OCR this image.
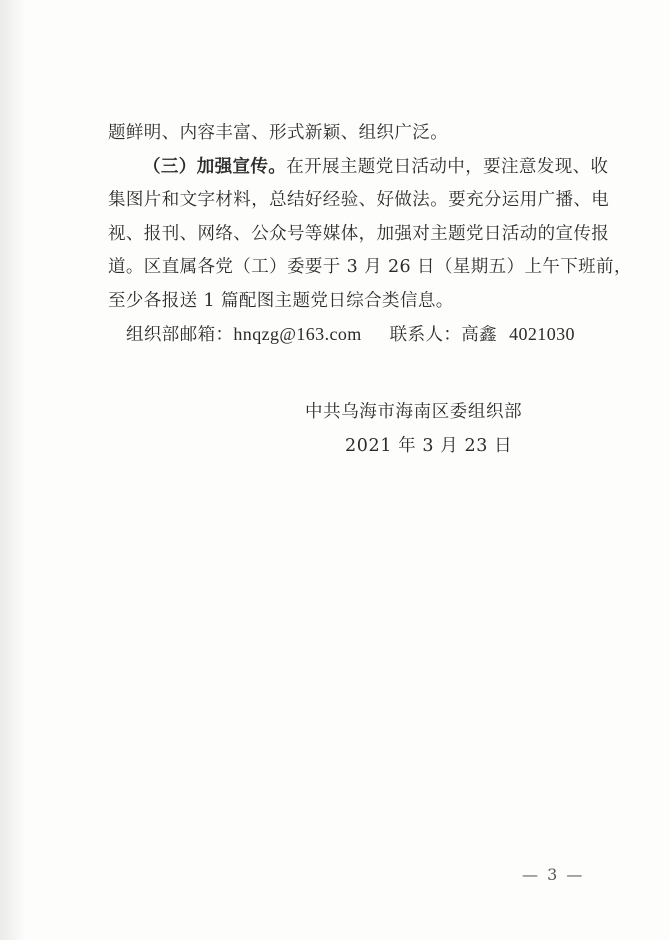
题鲜明、内容丰富、形式新颖、组织广泛。
（三）加强宣传。在开展主题党日活动中，要注意发现、收
集图片和文字材料，总结好经验、好做法。要充分运用广播、电
视、报刊、网络、公众号等媒体，加强对主题党日活动的宣传报
道。区直属各党（工）委要于 3 月 26 日（星期五）上午下班前，
至少各报送 1 篇配图主题党日综合类信息。
组织部邮箱：hnqzg@163.com 联系人：高鑫 4021030
中共乌海市海南区委组织部
2021 年 3 月 23 日
— 3 —
